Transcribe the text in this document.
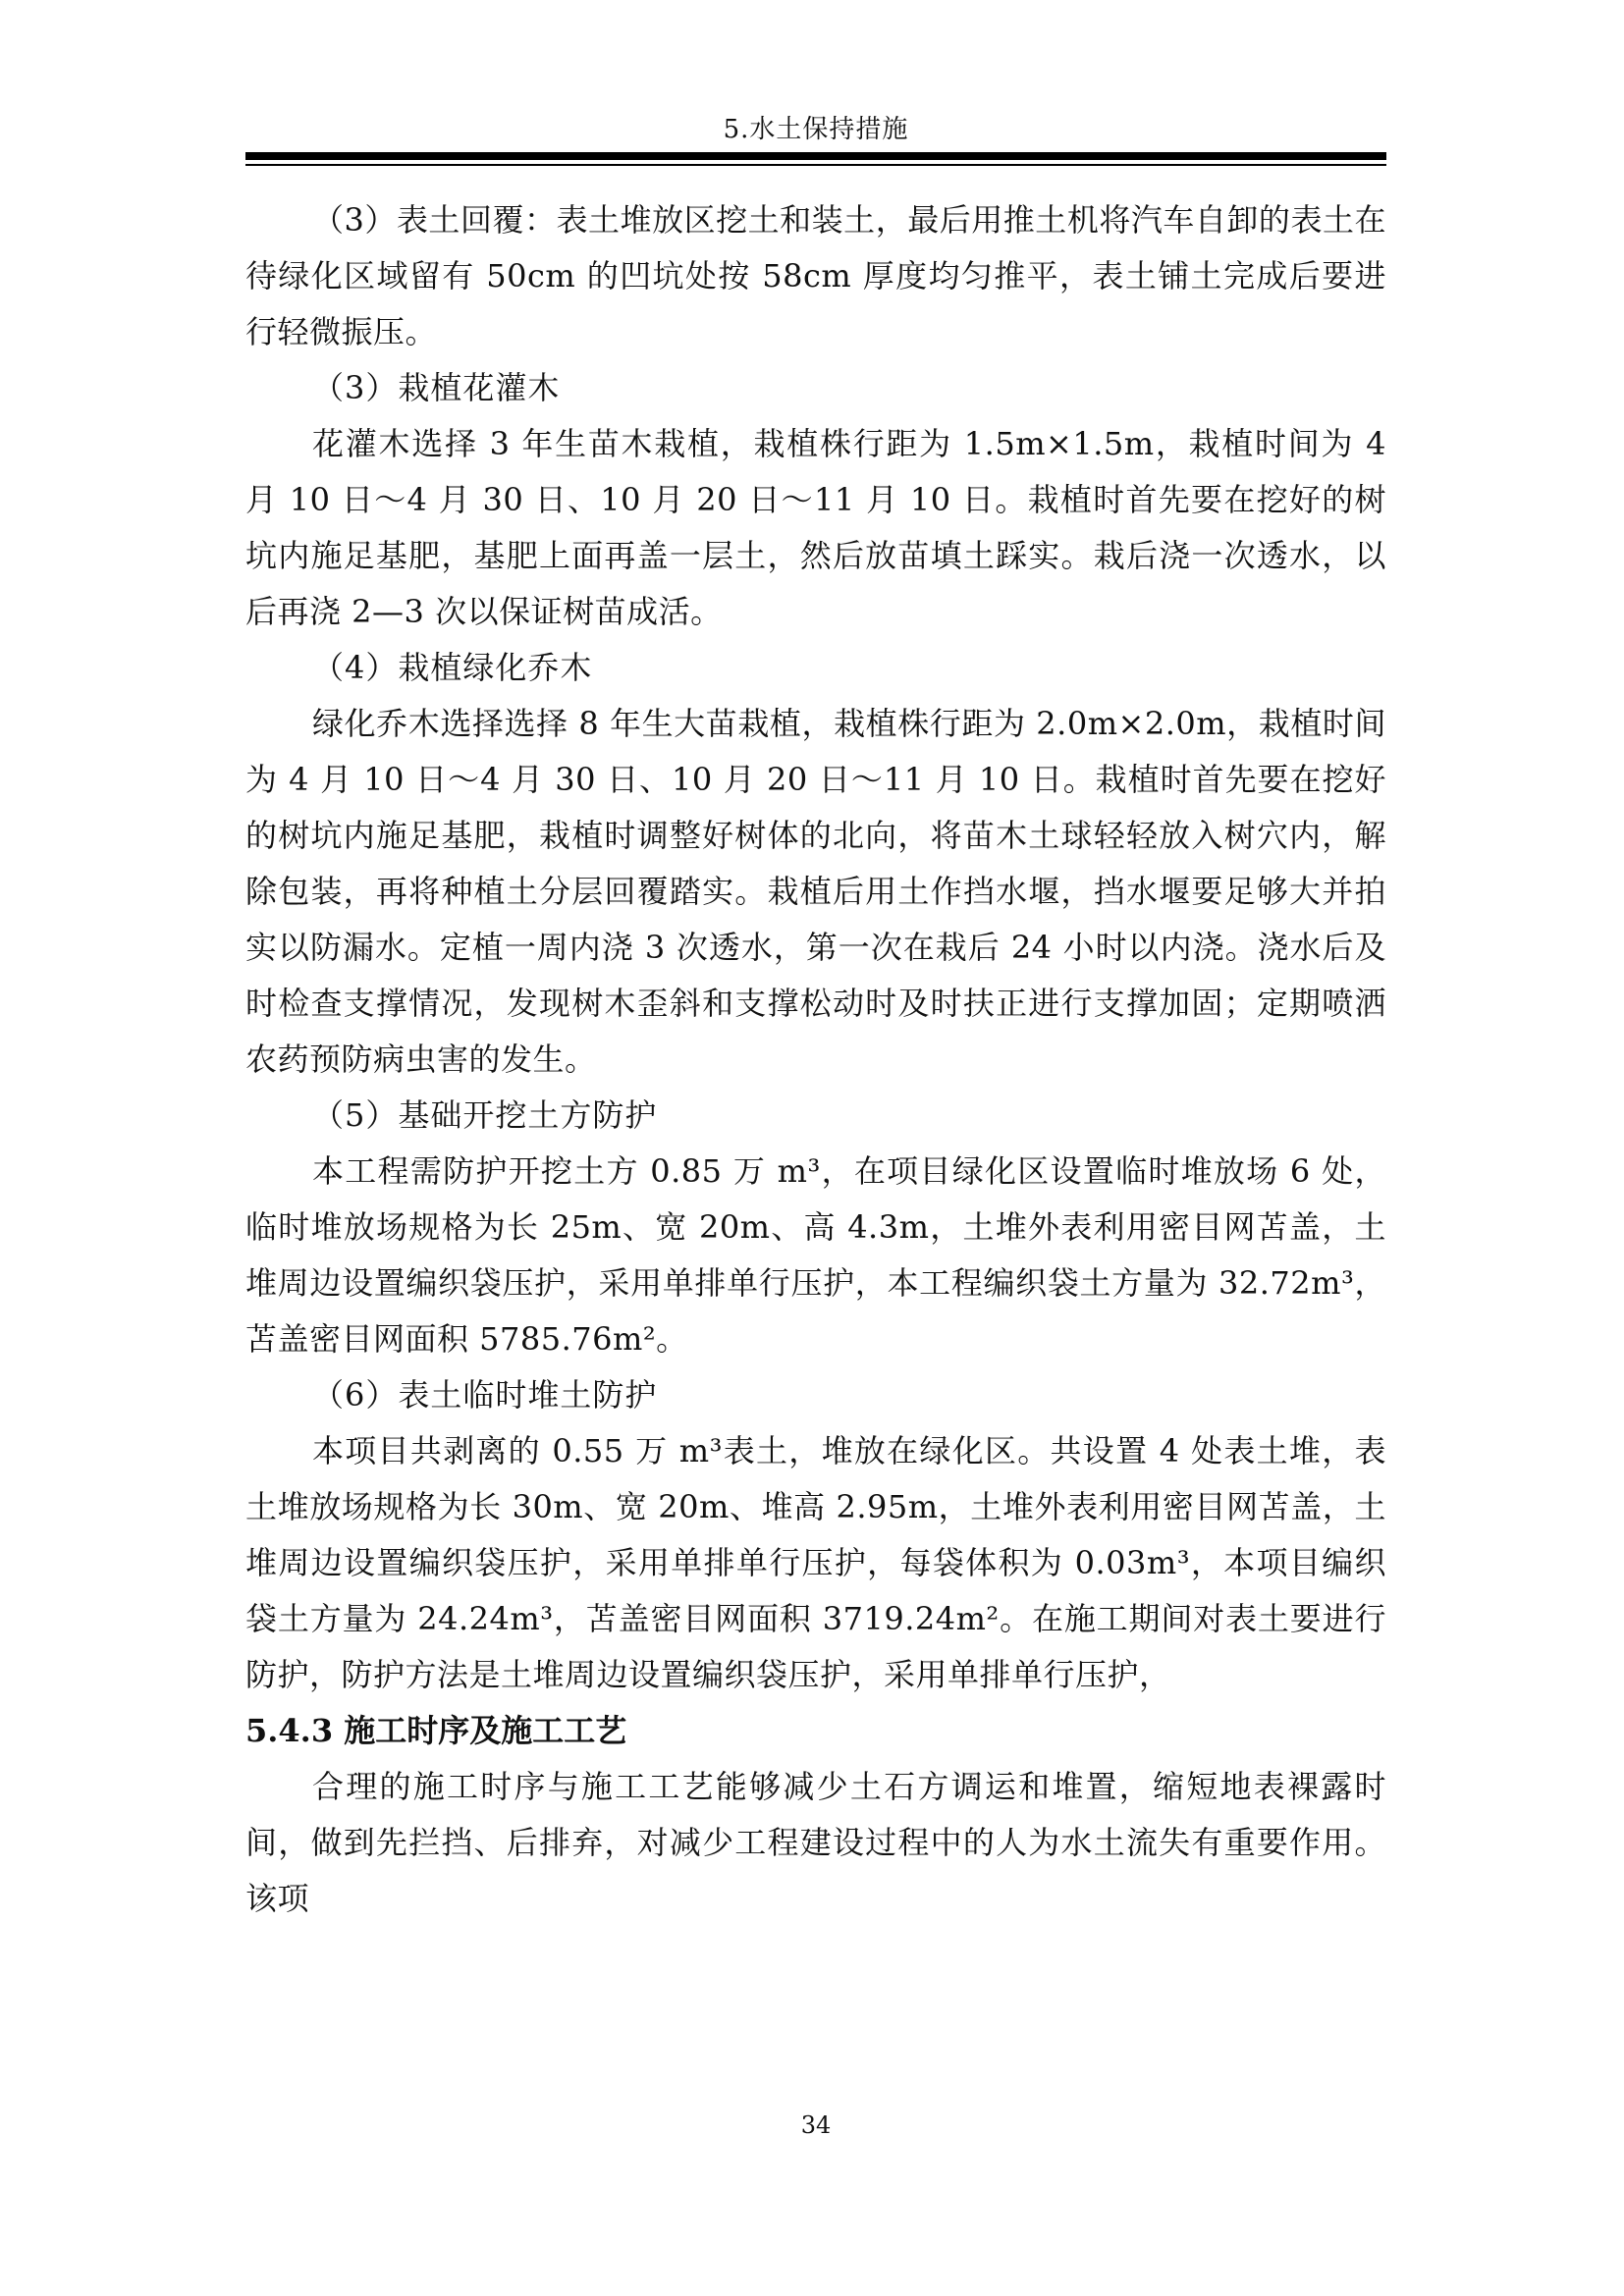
5.水土保持措施

（3）表土回覆：表土堆放区挖土和装土，最后用推土机将汽车自卸的表土在待绿化区域留有 50cm 的凹坑处按 58cm 厚度均匀推平，表土铺土完成后要进行轻微振压。

（3）栽植花灌木

花灌木选择 3 年生苗木栽植，栽植株行距为 1.5m×1.5m，栽植时间为 4 月 10 日～4 月 30 日、10 月 20 日～11 月 10 日。栽植时首先要在挖好的树坑内施足基肥，基肥上面再盖一层土，然后放苗填土踩实。栽后浇一次透水，以后再浇 2—3 次以保证树苗成活。

（4）栽植绿化乔木

绿化乔木选择选择 8 年生大苗栽植，栽植株行距为 2.0m×2.0m，栽植时间为 4 月 10 日～4 月 30 日、10 月 20 日～11 月 10 日。栽植时首先要在挖好的树坑内施足基肥，栽植时调整好树体的北向，将苗木土球轻轻放入树穴内，解除包装，再将种植土分层回覆踏实。栽植后用土作挡水堰，挡水堰要足够大并拍实以防漏水。定植一周内浇 3 次透水，第一次在栽后 24 小时以内浇。浇水后及时检查支撑情况，发现树木歪斜和支撑松动时及时扶正进行支撑加固；定期喷洒农药预防病虫害的发生。

（5）基础开挖土方防护

本工程需防护开挖土方 0.85 万 m³，在项目绿化区设置临时堆放场 6 处，临时堆放场规格为长 25m、宽 20m、高 4.3m，土堆外表利用密目网苫盖，土堆周边设置编织袋压护，采用单排单行压护，本工程编织袋土方量为 32.72m³，苫盖密目网面积 5785.76m²。

（6）表土临时堆土防护

本项目共剥离的 0.55 万 m³表土，堆放在绿化区。共设置 4 处表土堆，表土堆放场规格为长 30m、宽 20m、堆高 2.95m，土堆外表利用密目网苫盖，土堆周边设置编织袋压护，采用单排单行压护，每袋体积为 0.03m³，本项目编织袋土方量为 24.24m³，苫盖密目网面积 3719.24m²。在施工期间对表土要进行防护，防护方法是土堆周边设置编织袋压护，采用单排单行压护，

5.4.3 施工时序及施工工艺

合理的施工时序与施工工艺能够减少土石方调运和堆置，缩短地表裸露时间，做到先拦挡、后排弃，对减少工程建设过程中的人为水土流失有重要作用。该项

34
